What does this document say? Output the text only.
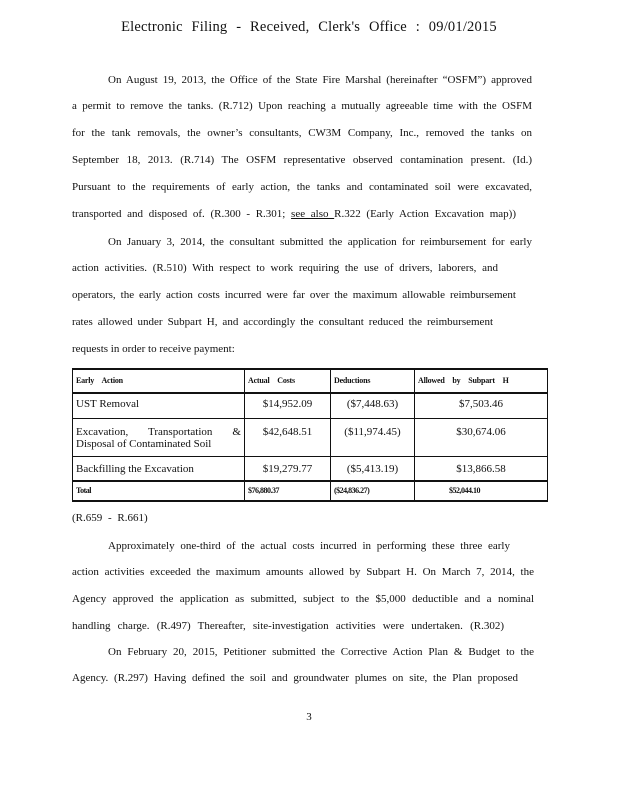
Electronic Filing - Received, Clerk's Office : 09/01/2015
On August 19, 2013, the Office of the State Fire Marshal (hereinafter “OSFM”) approved
a permit to remove the tanks. (R.712) Upon reaching a mutually agreeable time with the OSFM
for the tank removals, the owner’s consultants, CW3M Company, Inc., removed the tanks on
September 18, 2013. (R.714) The OSFM representative observed contamination present. (Id.)
Pursuant to the requirements of early action, the tanks and contaminated soil were excavated,
transported and disposed of. (R.300 - R.301; see also R.322 (Early Action Excavation map))
On January 3, 2014, the consultant submitted the application for reimbursement for early
action activities. (R.510) With respect to work requiring the use of drivers, laborers, and
operators, the early action costs incurred were far over the maximum allowable reimbursement
rates allowed under Subpart H, and accordingly the consultant reduced the reimbursement
requests in order to receive payment:
Early Action	Actual Costs	Deductions	Allowed by Subpart H
UST Removal	$14,952.09	($7,448.63)	$7,503.46
Excavation, Transportation & Disposal of Contaminated Soil	$42,648.51	($11,974.45)	$30,674.06
Backfilling the Excavation	$19,279.77	($5,413.19)	$13,866.58
Total	$76,880.37	($24,836.27)	$52,044.10
(R.659 - R.661)
Approximately one-third of the actual costs incurred in performing these three early
action activities exceeded the maximum amounts allowed by Subpart H. On March 7, 2014, the
Agency approved the application as submitted, subject to the $5,000 deductible and a nominal
handling charge. (R.497) Thereafter, site-investigation activities were undertaken. (R.302)
On February 20, 2015, Petitioner submitted the Corrective Action Plan & Budget to the
Agency. (R.297) Having defined the soil and groundwater plumes on site, the Plan proposed
3
